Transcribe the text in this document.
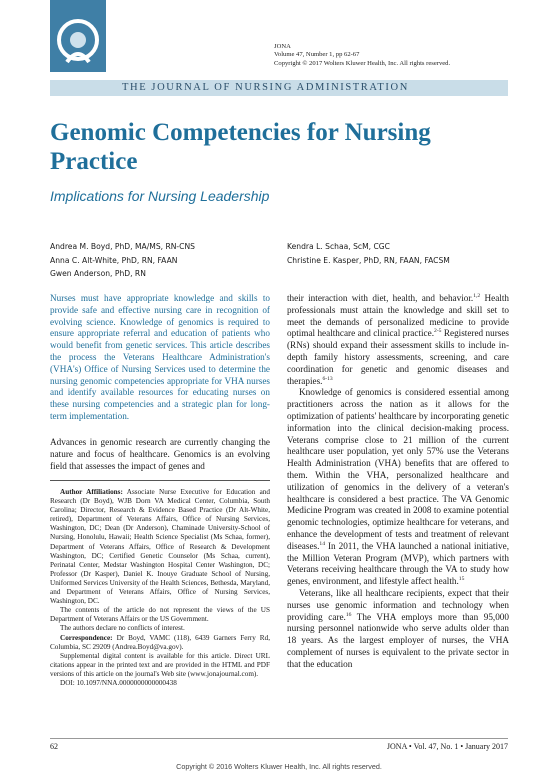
JONA
Volume 47, Number 1, pp 62-67
Copyright © 2017 Wolters Kluwer Health, Inc. All rights reserved.
THE JOURNAL OF NURSING ADMINISTRATION
Genomic Competencies for Nursing Practice
Implications for Nursing Leadership
Andrea M. Boyd, PhD, MA/MS, RN-CNS
Anna C. Alt-White, PhD, RN, FAAN
Gwen Anderson, PhD, RN
Kendra L. Schaa, ScM, CGC
Christine E. Kasper, PhD, RN, FAAN, FACSM
Nurses must have appropriate knowledge and skills to provide safe and effective nursing care in recognition of evolving science. Knowledge of genomics is required to ensure appropriate referral and education of patients who would benefit from genetic services. This article describes the process the Veterans Healthcare Administration's (VHA's) Office of Nursing Services used to determine the nursing genomic competencies appropriate for VHA nurses and identify available resources for educating nurses on these nursing competencies and a strategic plan for long-term implementation.
Advances in genomic research are currently changing the nature and focus of healthcare. Genomics is an evolving field that assesses the impact of genes and

Author Affiliations: Associate Nurse Executive for Education and Research (Dr Boyd), WJB Dorn VA Medical Center, Columbia, South Carolina; Director, Research & Evidence Based Practice (Dr Alt-White, retired), Department of Veterans Affairs, Office of Nursing Services, Washington, DC; Dean (Dr Anderson), Chaminade University-School of Nursing, Honolulu, Hawaii; Health Science Specialist (Ms Schaa, former), Department of Veterans Affairs, Office of Research & Development Washington, DC; Certified Genetic Counselor (Ms Schaa, current), Perinatal Center, Medstar Washington Hospital Center Washington, DC; Professor (Dr Kasper), Daniel K. Inouye Graduate School of Nursing, Uniformed Services University of the Health Sciences, Bethesda, Maryland, and Department of Veterans Affairs, Office of Nursing Services, Washington, DC.

The contents of the article do not represent the views of the US Department of Veterans Affairs or the US Government.

The authors declare no conflicts of interest.

Correspondence: Dr Boyd, VAMC (118), 6439 Garners Ferry Rd, Columbia, SC 29209 (Andrea.Boyd@va.gov).

Supplemental digital content is available for this article. Direct URL citations appear in the printed text and are provided in the HTML and PDF versions of this article on the journal's Web site (www.jonajournal.com).

DOI: 10.1097/NNA.0000000000000438

their interaction with diet, health, and behavior.$^{1,2}$ Health professionals must attain the knowledge and skill set to meet the demands of personalized medicine to provide optimal healthcare and clinical practice.$^{2-5}$ Registered nurses (RNs) should expand their assessment skills to include in-depth family history assessments, screening, and care coordination for genetic and genomic diseases and therapies.$^{6-13}$

Knowledge of genomics is considered essential among practitioners across the nation as it allows for the optimization of patients' healthcare by incorporating genetic information into the clinical decision-making process. Veterans comprise close to 21 million of the current healthcare user population, yet only 57% use the Veterans Health Administration (VHA) benefits that are offered to them. Within the VHA, personalized healthcare and utilization of genomics in the delivery of a veteran's healthcare is considered a best practice. The VA Genomic Medicine Program was created in 2008 to examine potential genomic technologies, optimize healthcare for veterans, and enhance the development of tests and treatment of relevant diseases.$^{14}$ In 2011, the VHA launched a national initiative, the Million Veteran Program (MVP), which partners with Veterans receiving healthcare through the VA to study how genes, environment, and lifestyle affect health.$^{15}$

Veterans, like all healthcare recipients, expect that their nurses use genomic information and technology when providing care.$^{16}$ The VHA employs more than 95,000 nursing personnel nationwide who serve adults older than 18 years. As the largest employer of nurses, the VHA complement of nurses is equivalent to the private sector in that the education

62	JONA • Vol. 47, No. 1 • January 2017
Copyright © 2016 Wolters Kluwer Health, Inc. All rights reserved.
